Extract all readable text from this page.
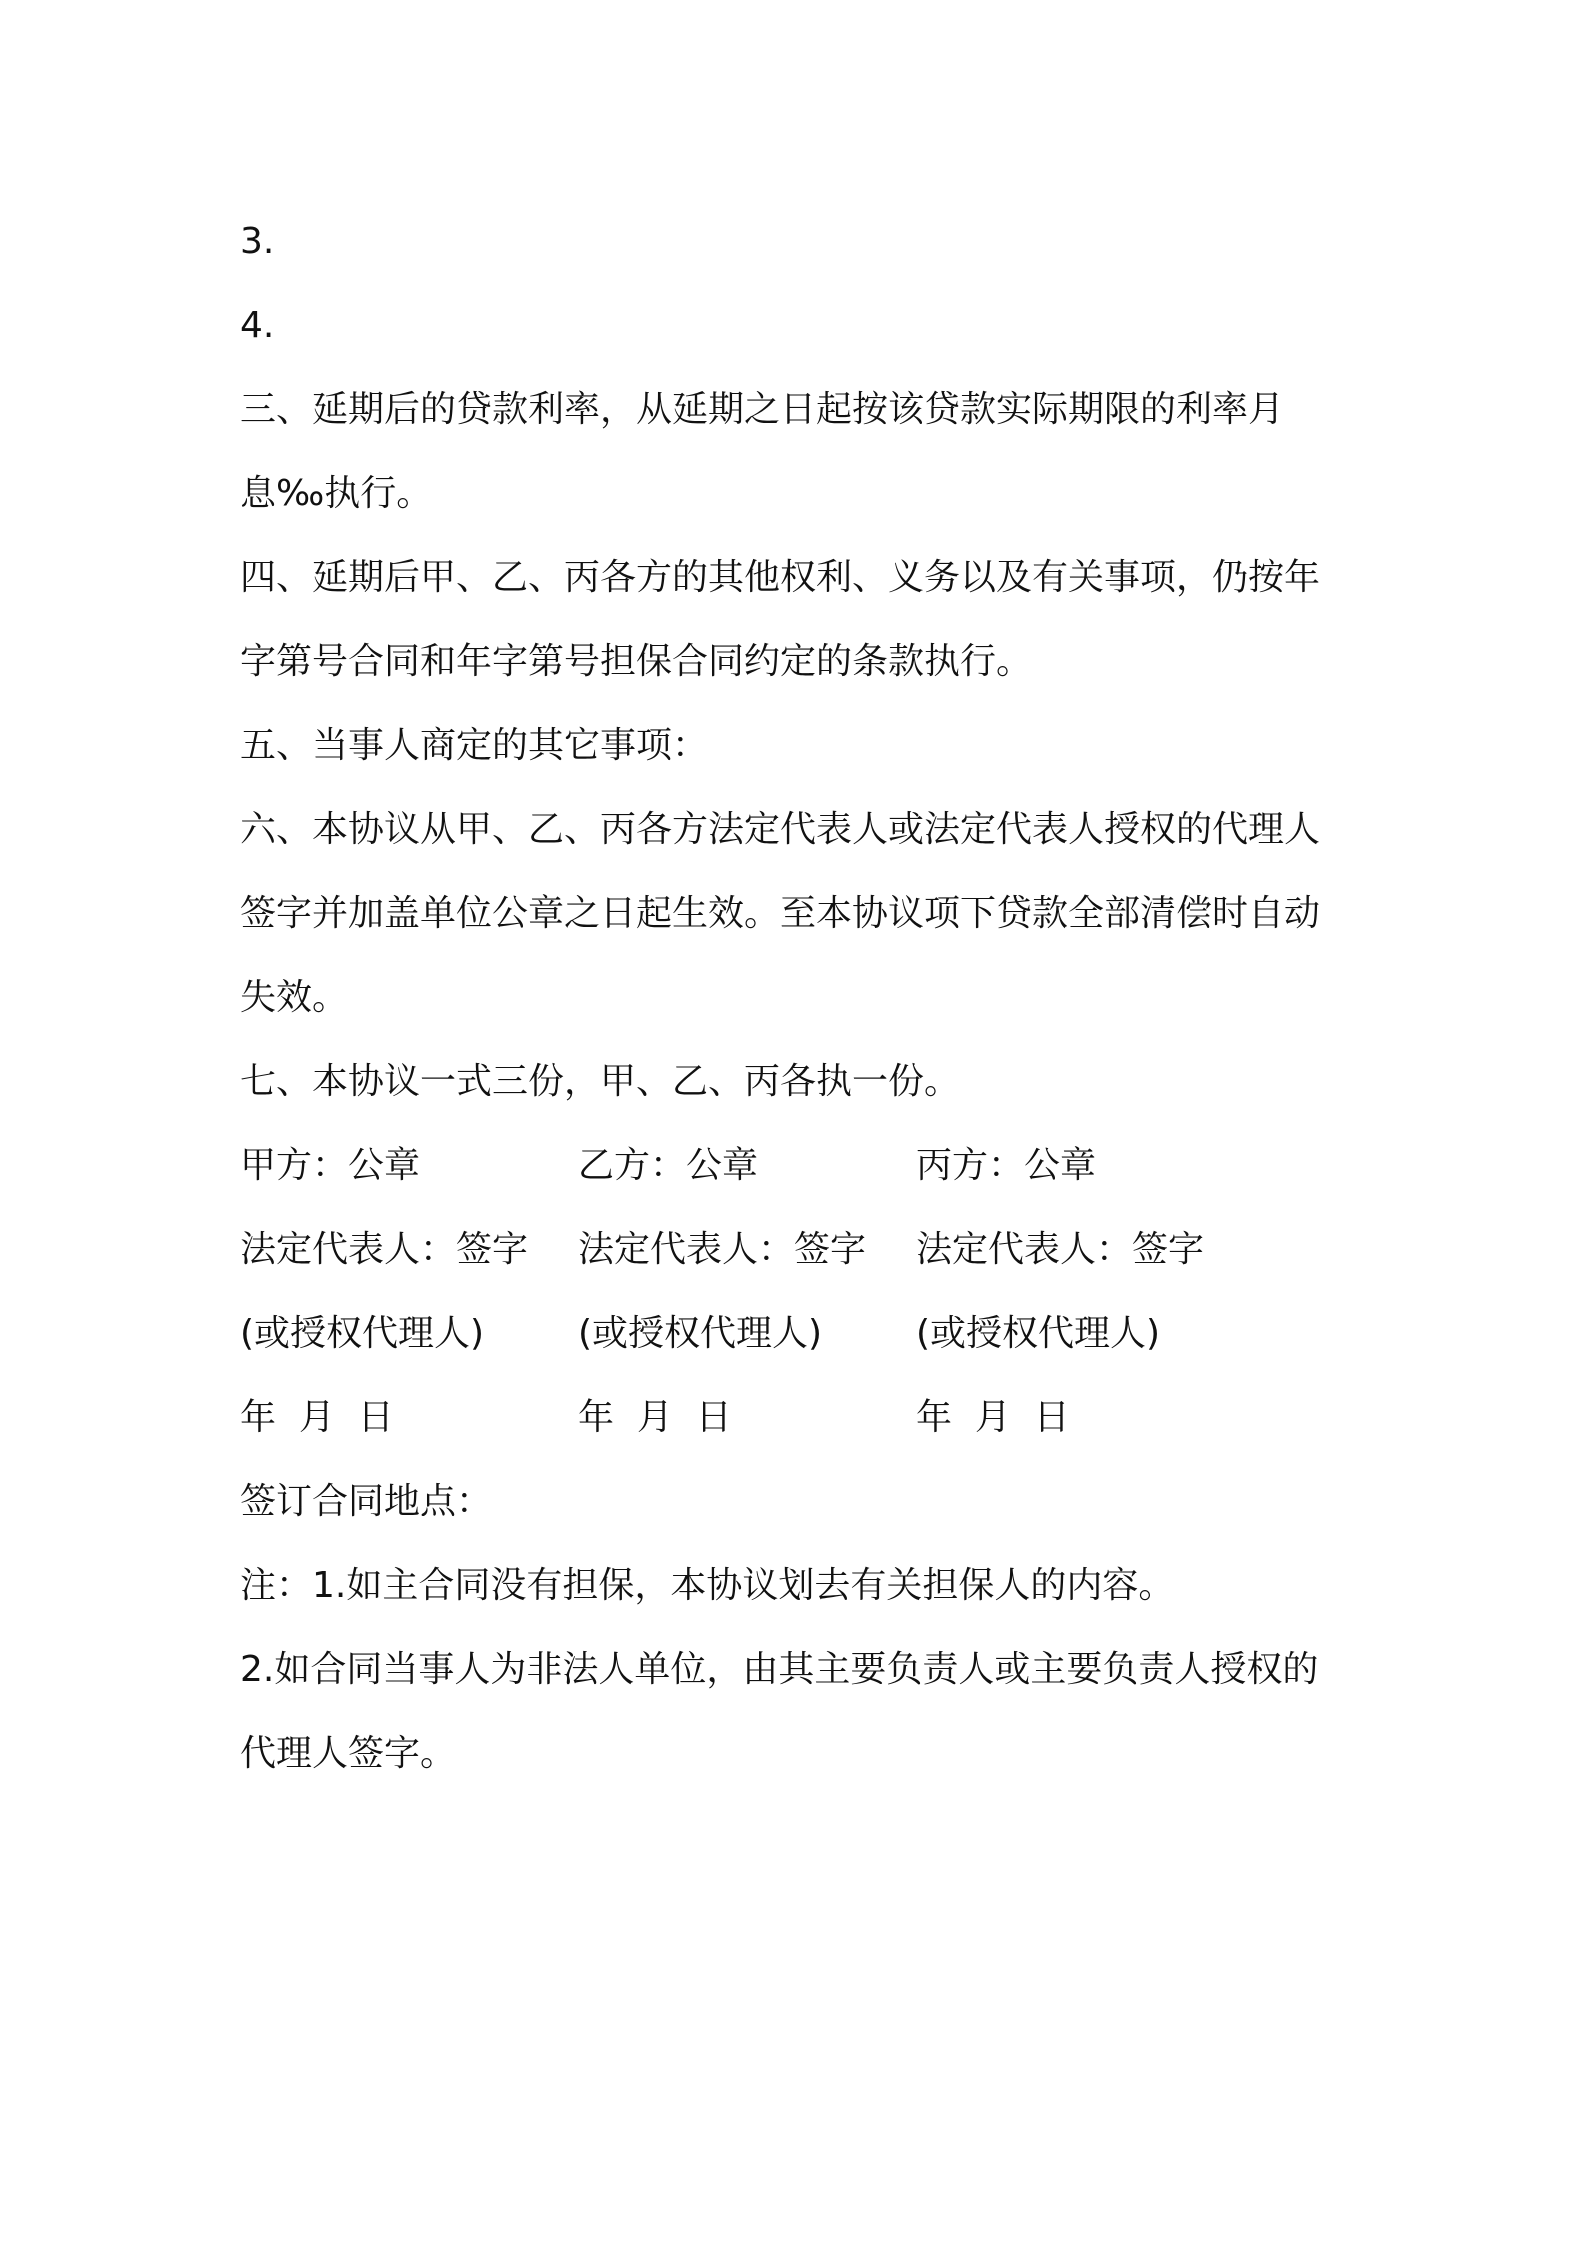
3.

4.

三、延期后的贷款利率，从延期之日起按该贷款实际期限的利率月

息‰执行。

四、延期后甲、乙、丙各方的其他权利、义务以及有关事项，仍按年

字第号合同和年字第号担保合同约定的条款执行。

五、当事人商定的其它事项：

六、本协议从甲、乙、丙各方法定代表人或法定代表人授权的代理人

签字并加盖单位公章之日起生效。至本协议项下贷款全部清偿时自动

失效。

七、本协议一式三份，甲、乙、丙各执一份。

甲方：公章	乙方：公章	丙方：公章
法定代表人：签字	法定代表人：签字	法定代表人：签字
(或授权代理人)	(或授权代理人)	(或授权代理人)
年  月  日	年  月  日	年  月  日

签订合同地点：

注：1.如主合同没有担保，本协议划去有关担保人的内容。

2.如合同当事人为非法人单位，由其主要负责人或主要负责人授权的

代理人签字。
